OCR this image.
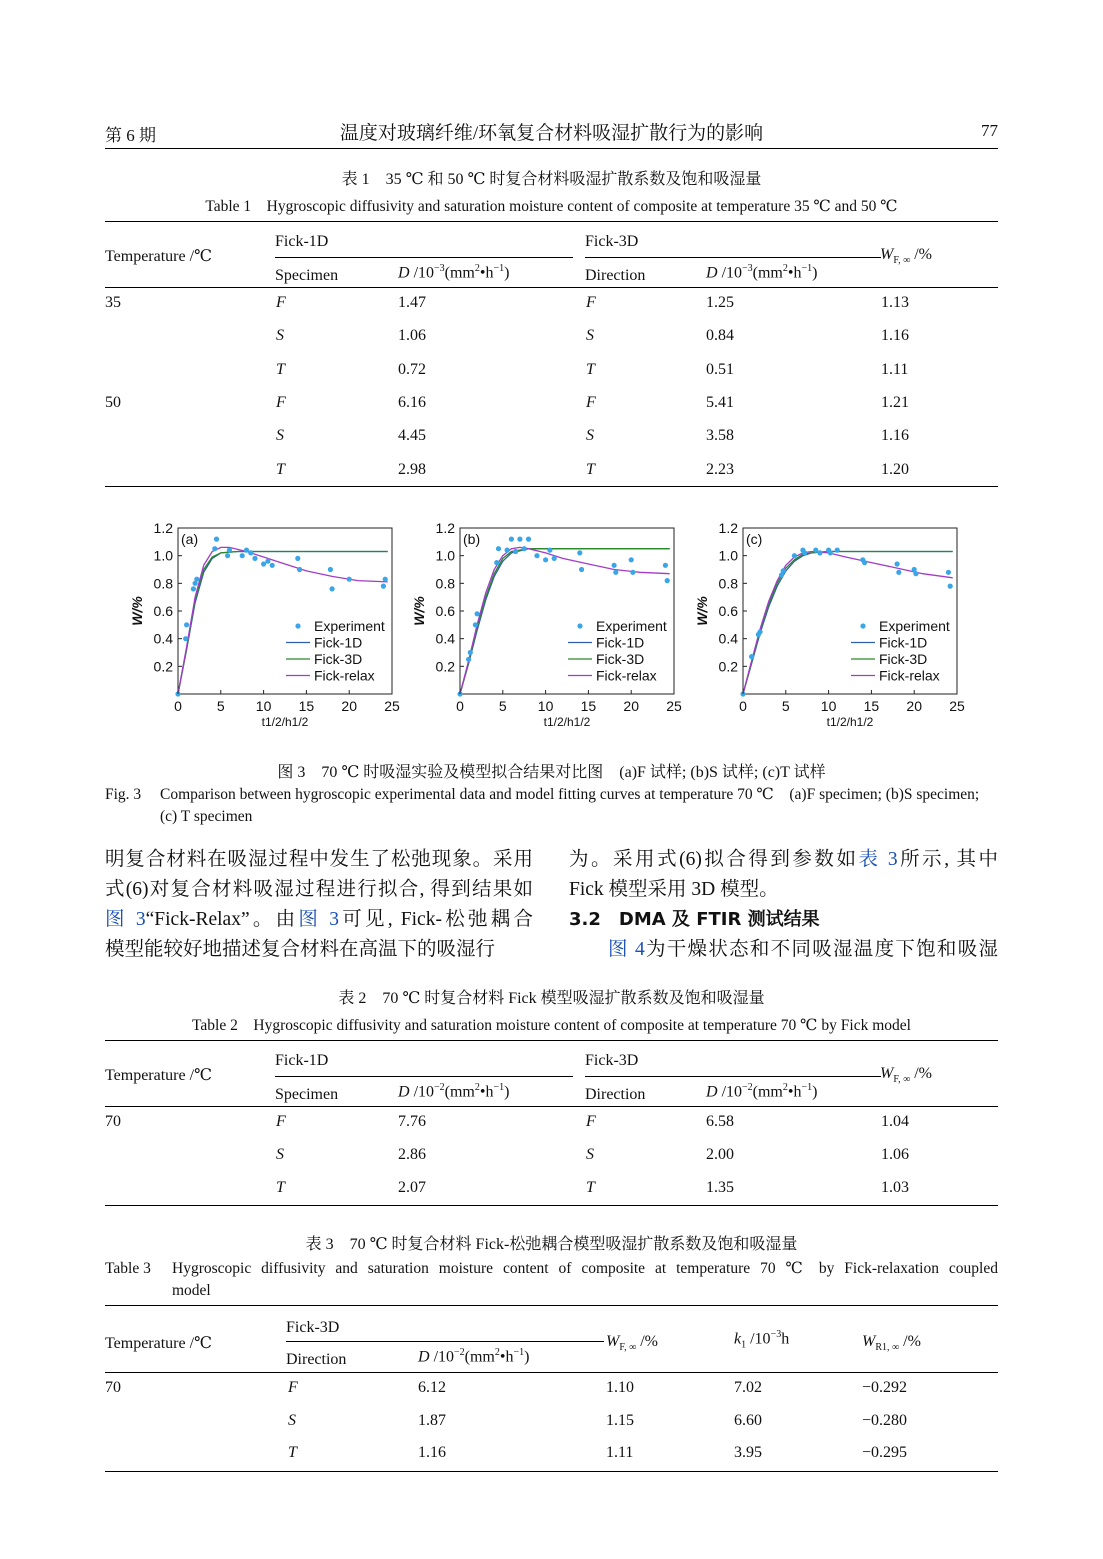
第 6 期	温度对玻璃纤维/环氧复合材料吸湿扩散行为的影响	77
表 1　35 ℃ 和 50 ℃ 时复合材料吸湿扩散系数及饱和吸湿量
Table 1　Hygroscopic diffusivity and saturation moisture content of composite at temperature 35 ℃ and 50 ℃
Temperature /℃
Fick-1D	Fick-3D
Specimen	D $/10^{-3}(mm^2•h^{-1})$	Direction	D $/10^{-3}(mm^2•h^{-1})$
$W_{F, \infty}$ /%
35	F	1.47	F	1.25	1.13
S	1.06	S	0.84	1.16
T	0.72	T	0.51	1.11
50	F	6.16	F	5.41	1.21
S	4.45	S	3.58	1.16
T	2.98	T	2.23	1.20
0	5 10 15 20 25
0.2
0.4
0.6
0.8
1.0
1.2
(a)
W/%
t1/2/h1/2
Experiment
Fick-1D
Fick-3D
Fick-relax
0	5 10 15 20 25
0.2
0.4
0.6
0.8
1.0
1.2
(b)
W/%
t1/2/h1/2
Experiment
Fick-1D
Fick-3D
Fick-relax
0	5 10 15 20 25
0.2
0.4
0.6
0.8
1.0
1.2
(c)
W/%
t1/2/h1/2
Experiment
Fick-1D
Fick-3D
Fick-relax
图 3　70 ℃ 时吸湿实验及模型拟合结果对比图　(a)F 试样; (b)S 试样; (c)T 试样
Fig. 3	Comparison between hygroscopic experimental data and model fitting curves at temperature 70 ℃　(a)F specimen; (b)S specimen; (c) T specimen
明复合材料在吸湿过程中发生了松弛现象。采用
式(6)对复合材料吸湿过程进行拟合, 得到结果如
图 3“Fick-Relax”。由图 3可见, Fick-松弛耦合
模型能较好地描述复合材料在高温下的吸湿行
为。采用式(6)拟合得到参数如表 3所示, 其中
Fick 模型采用 3D 模型。
3.2　DMA 及 FTIR 测试结果
图 4为干燥状态和不同吸湿温度下饱和吸湿
表 2　70 ℃ 时复合材料 Fick 模型吸湿扩散系数及饱和吸湿量
Table 2　Hygroscopic diffusivity and saturation moisture content of composite at temperature 70 ℃ by Fick model
Temperature /℃
Fick-1D	Fick-3D
Specimen	D $/10^{-2}(mm^2•h^{-1})$	Direction	D $/10^{-2}(mm^2•h^{-1})$
$W_{F, \infty}$ /%
70	F	7.76	F	6.58	1.04
S	2.86	S	2.00	1.06
T	2.07	T	1.35	1.03
表 3　70 ℃ 时复合材料 Fick-松弛耦合模型吸湿扩散系数及饱和吸湿量
Table 3	Hygroscopic diffusivity and saturation moisture content of composite at temperature 70 ℃ by Fick-relaxation coupled
model
Temperature /℃
Fick-3D
Direction	D $/10^{-2}(mm^2•h^{-1})$
$W_{F, \infty}$ /%	$k_1$ $/10^{-3}h$	$W_{R1, \infty}$ /%
70	F	6.12	1.10	7.02	−0.292
S	1.87	1.15	6.60	−0.280
T	1.16	1.11	3.95	−0.295
